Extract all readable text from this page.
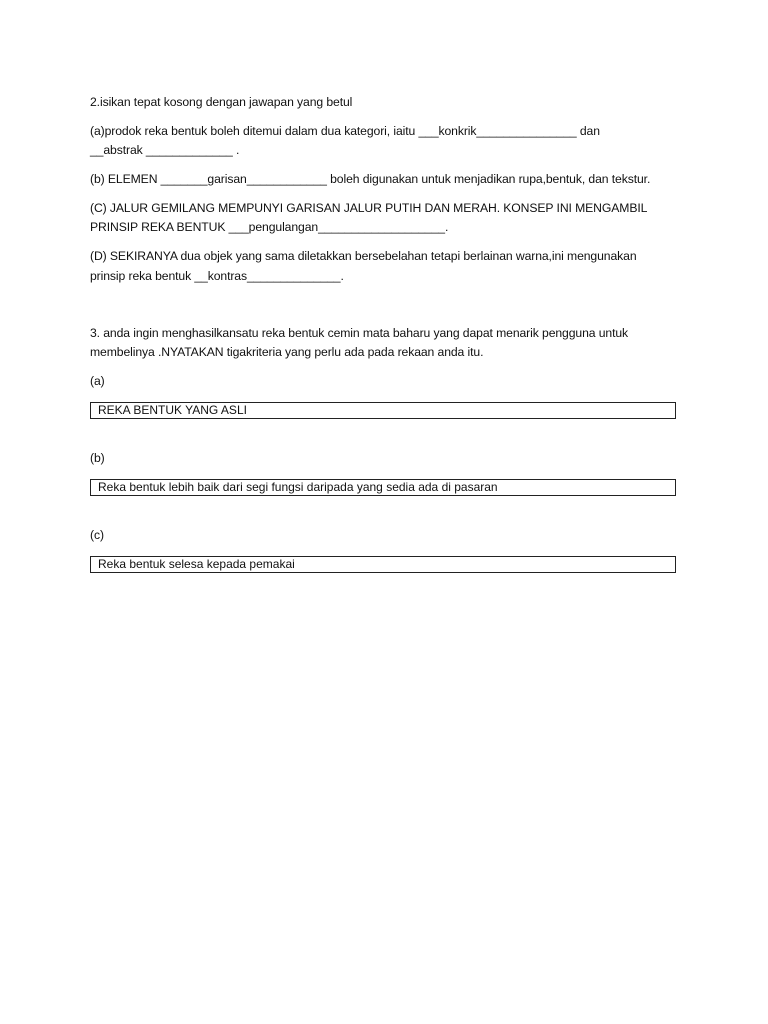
2.isikan tepat kosong dengan jawapan yang betul
(a)prodok reka bentuk boleh ditemui dalam dua kategori, iaitu ___konkrik_______________ dan
__abstrak _____________ .
(b) ELEMEN _______garisan____________ boleh digunakan untuk menjadikan rupa,bentuk, dan tekstur.
(C) JALUR GEMILANG MEMPUNYI GARISAN JALUR PUTIH DAN MERAH. KONSEP INI MENGAMBIL
PRINSIP REKA BENTUK ___pengulangan___________________.
(D) SEKIRANYA dua objek yang sama diletakkan bersebelahan tetapi berlainan warna,ini mengunakan
prinsip reka bentuk __kontras______________.
3. anda ingin menghasilkansatu reka bentuk cemin mata baharu yang dapat menarik pengguna untuk
membelinya .NYATAKAN tigakriteria yang perlu ada pada rekaan anda itu.
(a)
REKA BENTUK YANG ASLI
(b)
Reka bentuk lebih baik dari segi fungsi daripada yang sedia ada di pasaran
(c)
Reka bentuk selesa kepada pemakai
